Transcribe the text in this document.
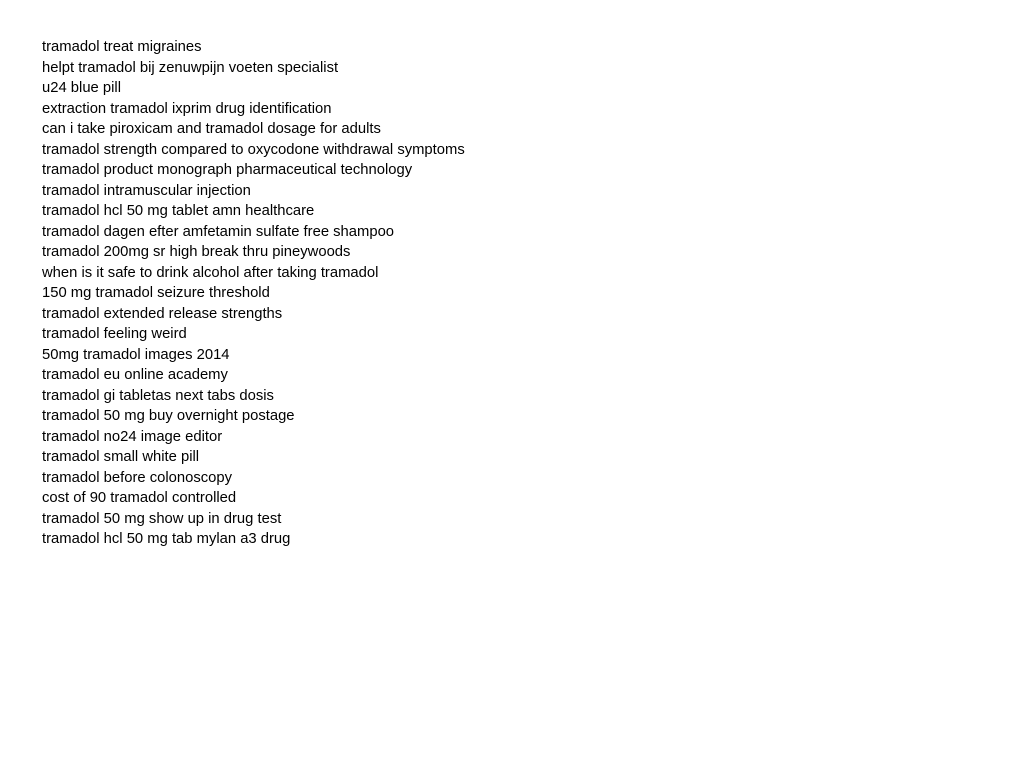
tramadol treat migraines
helpt tramadol bij zenuwpijn voeten specialist
u24 blue pill
extraction tramadol ixprim drug identification
can i take piroxicam and tramadol dosage for adults
tramadol strength compared to oxycodone withdrawal symptoms
tramadol product monograph pharmaceutical technology
tramadol intramuscular injection
tramadol hcl 50 mg tablet amn healthcare
tramadol dagen efter amfetamin sulfate free shampoo
tramadol 200mg sr high break thru pineywoods
when is it safe to drink alcohol after taking tramadol
150 mg tramadol seizure threshold
tramadol extended release strengths
tramadol feeling weird
50mg tramadol images 2014
tramadol eu online academy
tramadol gi tabletas next tabs dosis
tramadol 50 mg buy overnight postage
tramadol no24 image editor
tramadol small white pill
tramadol before colonoscopy
cost of 90 tramadol controlled
tramadol 50 mg show up in drug test
tramadol hcl 50 mg tab mylan a3 drug
